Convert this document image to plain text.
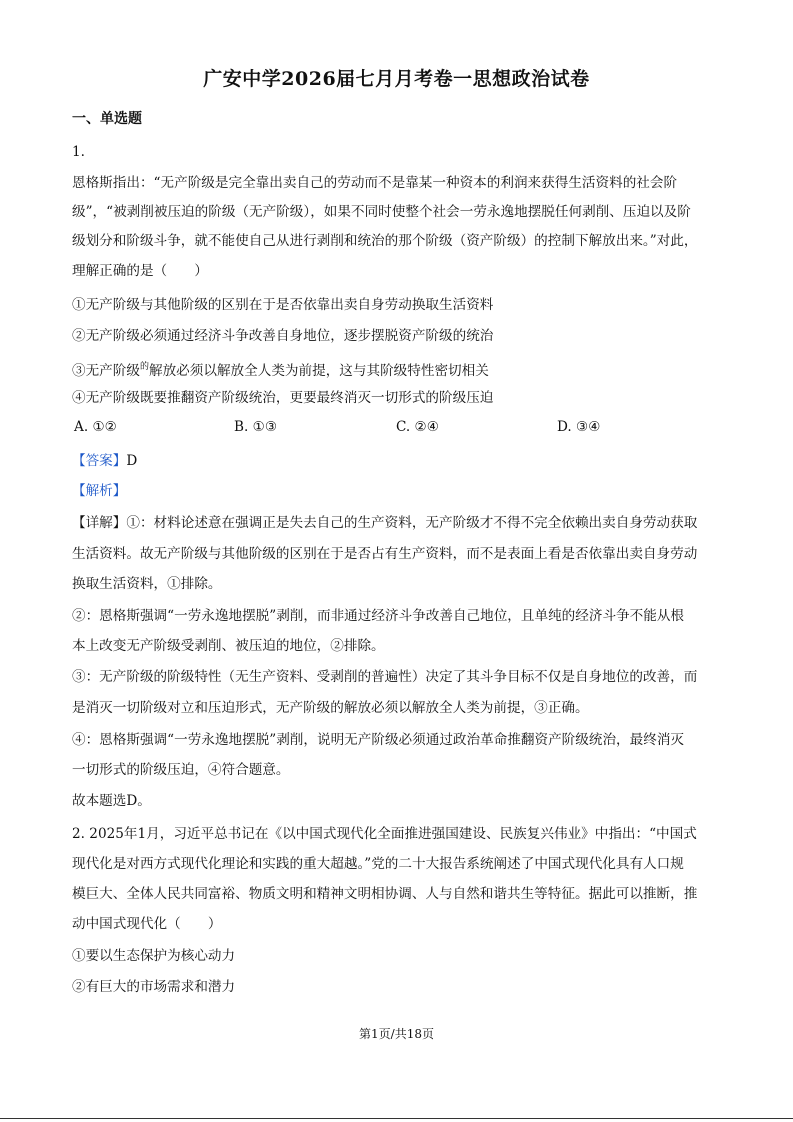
广安中学2026届七月月考卷一思想政治试卷
一、单选题
1.
恩格斯指出：“无产阶级是完全靠出卖自己的劳动而不是靠某一种资本的利润来获得生活资料的社会阶
级”，“被剥削被压迫的阶级（无产阶级），如果不同时使整个社会一劳永逸地摆脱任何剥削、压迫以及阶
级划分和阶级斗争，就不能使自己从进行剥削和统治的那个阶级（资产阶级）的控制下解放出来。”对此，
理解正确的是（　　）
①无产阶级与其他阶级的区别在于是否依靠出卖自身劳动换取生活资料
②无产阶级必须通过经济斗争改善自身地位，逐步摆脱资产阶级的统治
③无产阶级$^的$解放必须以解放全人类为前提，这与其阶级特性密切相关
④无产阶级既要推翻资产阶级统治，更要最终消灭一切形式的阶级压迫
A. ①②	B. ①③	C. ②④	D. ③④
【答案】D
【解析】
【详解】①：材料论述意在强调正是失去自己的生产资料，无产阶级才不得不完全依赖出卖自身劳动获取
生活资料。故无产阶级与其他阶级的区别在于是否占有生产资料，而不是表面上看是否依靠出卖自身劳动
换取生活资料，①排除。
②：恩格斯强调“一劳永逸地摆脱”剥削，而非通过经济斗争改善自己地位，且单纯的经济斗争不能从根
本上改变无产阶级受剥削、被压迫的地位，②排除。
③：无产阶级的阶级特性（无生产资料、受剥削的普遍性）决定了其斗争目标不仅是自身地位的改善，而
是消灭一切阶级对立和压迫形式，无产阶级的解放必须以解放全人类为前提，③正确。
④：恩格斯强调“一劳永逸地摆脱”剥削，说明无产阶级必须通过政治革命推翻资产阶级统治，最终消灭
一切形式的阶级压迫，④符合题意。
故本题选D。
2. 2025年1月，习近平总书记在《以中国式现代化全面推进强国建设、民族复兴伟业》中指出：“中国式
现代化是对西方式现代化理论和实践的重大超越。”党的二十大报告系统阐述了中国式现代化具有人口规
模巨大、全体人民共同富裕、物质文明和精神文明相协调、人与自然和谐共生等特征。据此可以推断，推
动中国式现代化（　　）
①要以生态保护为核心动力
②有巨大的市场需求和潜力
第1页/共18页
